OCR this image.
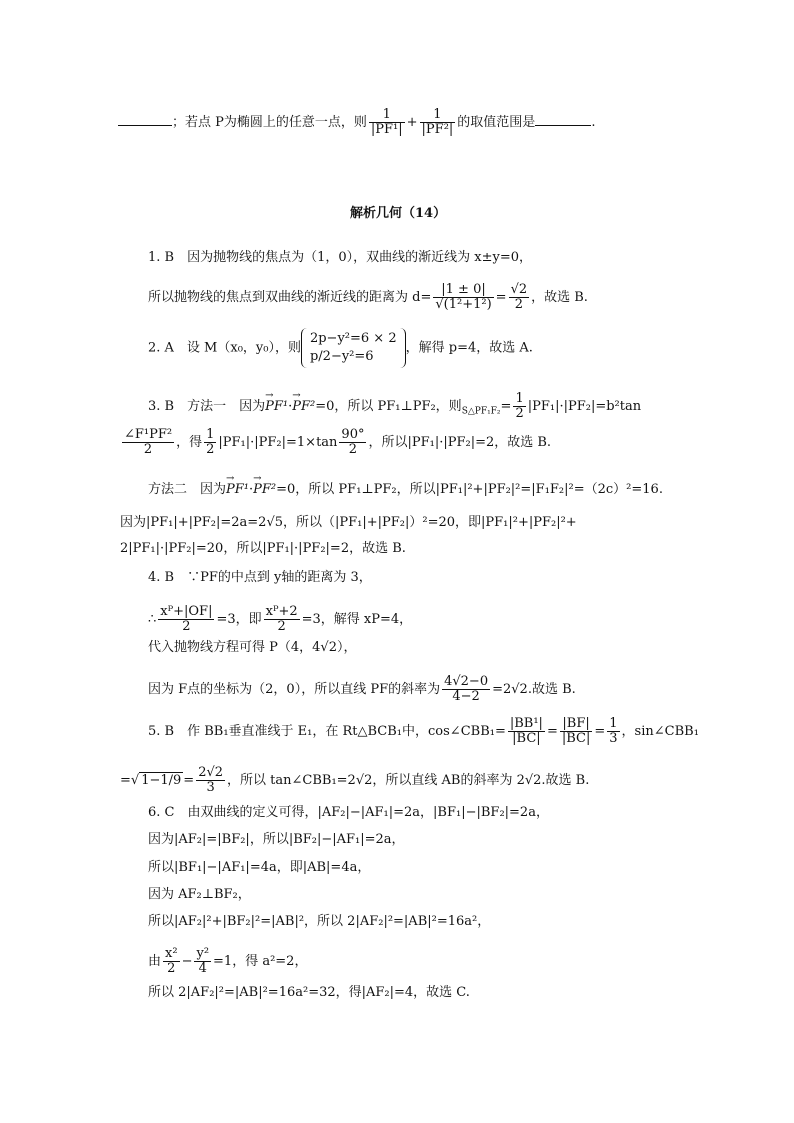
；若点 P为椭圆上的任意一点，则 $\frac{1}{\text{|PF¹|}} + \frac{1}{\text{|PF²|}}$ 的取值范围是	.
解析几何（14）
1. B　因为抛物线的焦点为（1，0），双曲线的渐近线为 x±y=0，
所以抛物线的焦点到双曲线的渐近线的距离为 $d= \frac{|1 \pm 0|}{\text{√(1²+1²)}} = \frac{√2}{2}$ ，故选 B.
2. A　设 M（x₀，y₀），则
2p−y²=6 × 2
p/2−y²=6
，解得 p=4，故选 A.
3. B　方法一　因为→ PF¹·→ PF²=0，所以 PF₁⊥PF₂，则$_{S\triangle PF_1F_2}= \frac{1}{2} |PF_1|\cdot|PF_2|=b^2\tan$
$\frac{\text{∠F¹PF²}}{2}$ ，得 $\frac{1}{2} |PF_1|\cdot|PF_2|=1\times\tan \frac{90^\circ}{2}$ ，所以|PF₁|·|PF₂|=2，故选 B.
方法二　因为→ PF¹·→ PF²=0，所以 PF₁⊥PF₂，所以|PF₁|²+|PF₂|²=|F₁F₂|²=（2c）²=16.
因为|PF₁|+|PF₂|=2a=2√5，所以（|PF₁|+|PF₂|）²=20，即|PF₁|²+|PF₂|²+
2|PF₁|·|PF₂|=20，所以|PF₁|·|PF₂|=2，故选 B.
4. B　∵PF的中点到 y轴的距离为 3，
∴ $\frac{\text{xᴾ+|OF|}}{2} =3$，即 $\frac{\text{xᴾ+2}}{2} =3$，解得 xP=4，
代入抛物线方程可得 P（4，4√2），
因为 F点的坐标为（2，0），所以直线 PF的斜率为 $\frac{4√2-0}{4-2} =2√2$.故选 B.
5. B　作 BB₁垂直准线于 E₁，在 Rt△BCB₁中，cos∠CBB₁= $\frac{\text{|BB¹|}}{|BC|} = \frac{|BF|}{|BC|} = \frac{1}{3}$ ，sin∠CBB₁
=√ $1-1/9 = \frac{2√2}{3}$ ，所以 tan∠CBB₁=2√2，所以直线 AB的斜率为 2√2.故选 B.
6. C　由双曲线的定义可得，|AF₂|−|AF₁|=2a，|BF₁|−|BF₂|=2a，
因为|AF₂|=|BF₂|，所以|BF₂|−|AF₁|=2a，
所以|BF₁|−|AF₁|=4a，即|AB|=4a，
因为 AF₂⊥BF₂，
所以|AF₂|²+|BF₂|²=|AB|²，所以 2|AF₂|²=|AB|²=16a²，
由 $\frac{\text{x²}}{2} - \frac{\text{y²}}{4} =1$，得 a²=2，
所以 2|AF₂|²=|AB|²=16a²=32，得|AF₂|=4，故选 C.
